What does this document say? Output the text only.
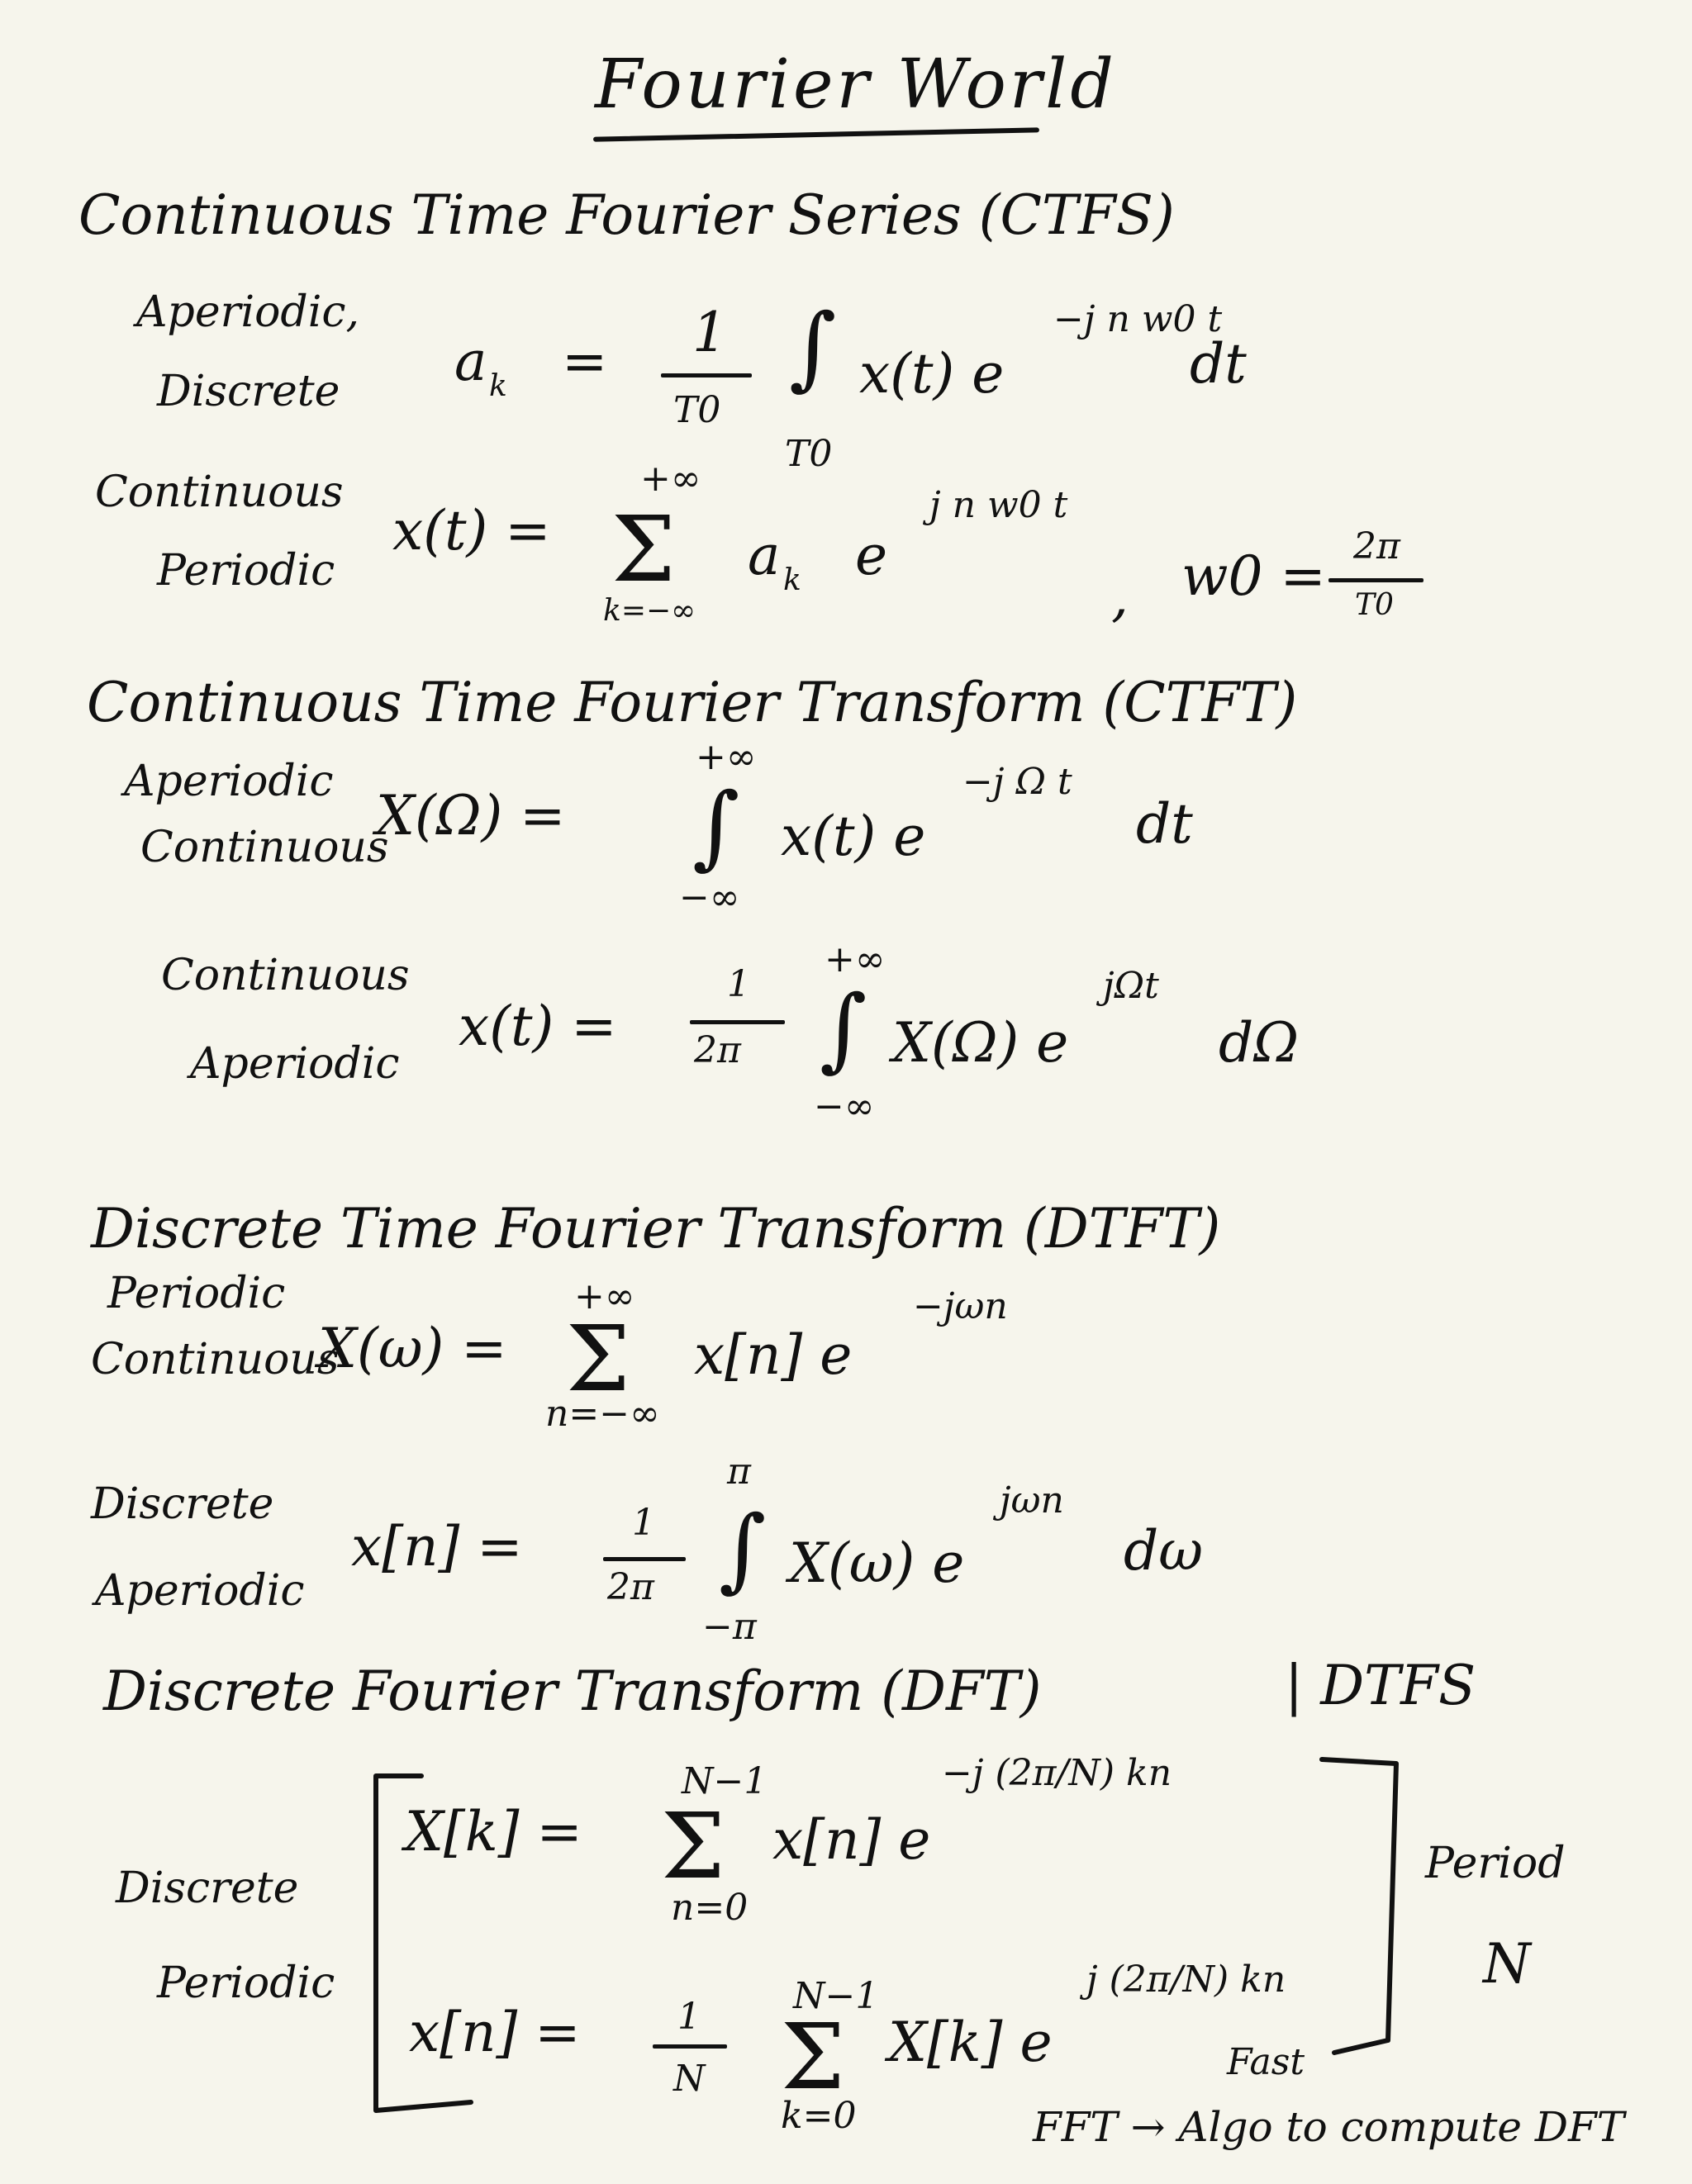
Fourier World
Continuous Time Fourier Series (CTFS)
Aperiodic,
Discrete a k = 1
T0
∫
T0
x(t) e
−j n w0 t
dt
Continuous
Periodic
x(t) =
+∞
Σ
k=−∞
a k e
j n w0 t
, w0 = 2π
T0
Continuous Time Fourier Transform (CTFT)
Aperiodic
Continuous
X(Ω) =
+∞
∫
−∞
x(t) e
−j Ω t
dt
Continuous
Aperiodic
x(t) =
1
2π
+∞
∫
−∞
X(Ω) e
jΩt
dΩ
Discrete Time Fourier Transform (DTFT)
Periodic
Continuous
X(ω) =
+∞
Σ
n=−∞
x[n] e
−jωn
Discrete
Aperiodic
x[n] =	1
2π
π
∫
−π
X(ω) e
jωn
dω
Discrete Fourier Transform (DFT)	| DTFS
Discrete
Periodic
X[k] =
N−1
Σ
n=0
x[n] e
−j (2π/N) kn
x[n] =	1
N
N−1
Σ
k=0
X[k] e
j (2π/N) kn
Period
N
Fast
FFT → Algo to compute DFT
